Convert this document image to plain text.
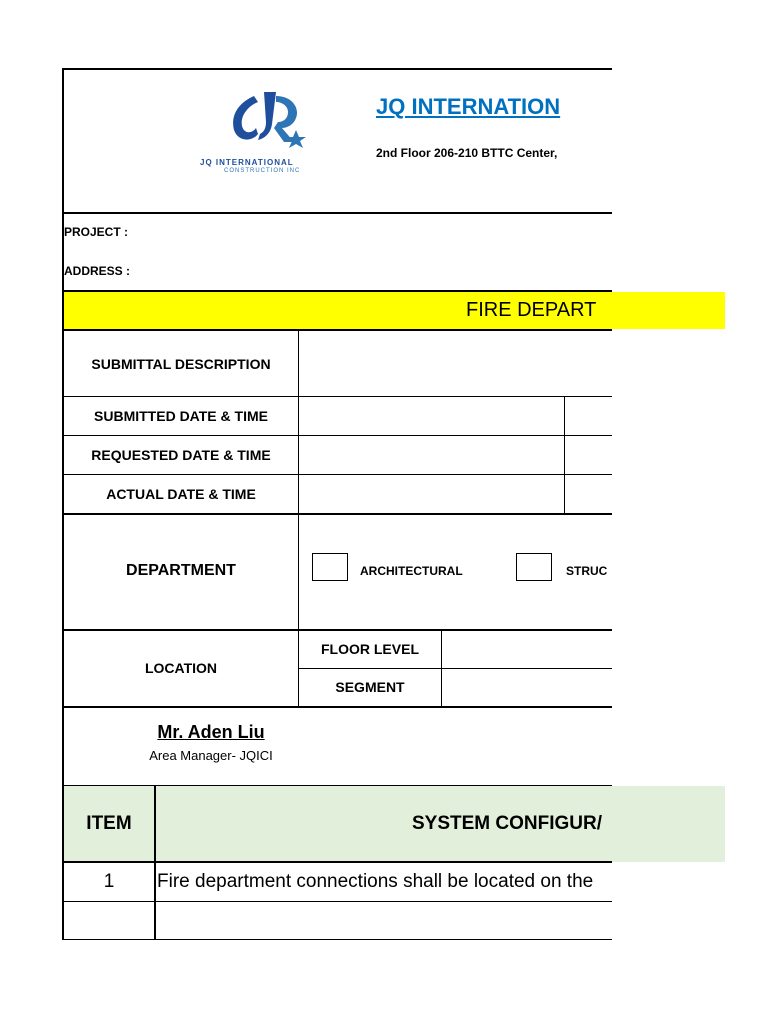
JQ INTERNATIONAL
CONSTRUCTION INC
JQ INTERNATION
2nd Floor 206-210 BTTC Center,
PROJECT :
ADDRESS :
FIRE DEPART
SUBMITTAL DESCRIPTION
SUBMITTED DATE & TIME
REQUESTED DATE & TIME
ACTUAL DATE & TIME
DEPARTMENT	ARCHITECTURAL	STRUC
LOCATION
FLOOR LEVEL
SEGMENT
Mr. Aden Liu
Area Manager- JQICI
ITEM	SYSTEM CONFIGUR/
1	Fire department connections shall be located on the
